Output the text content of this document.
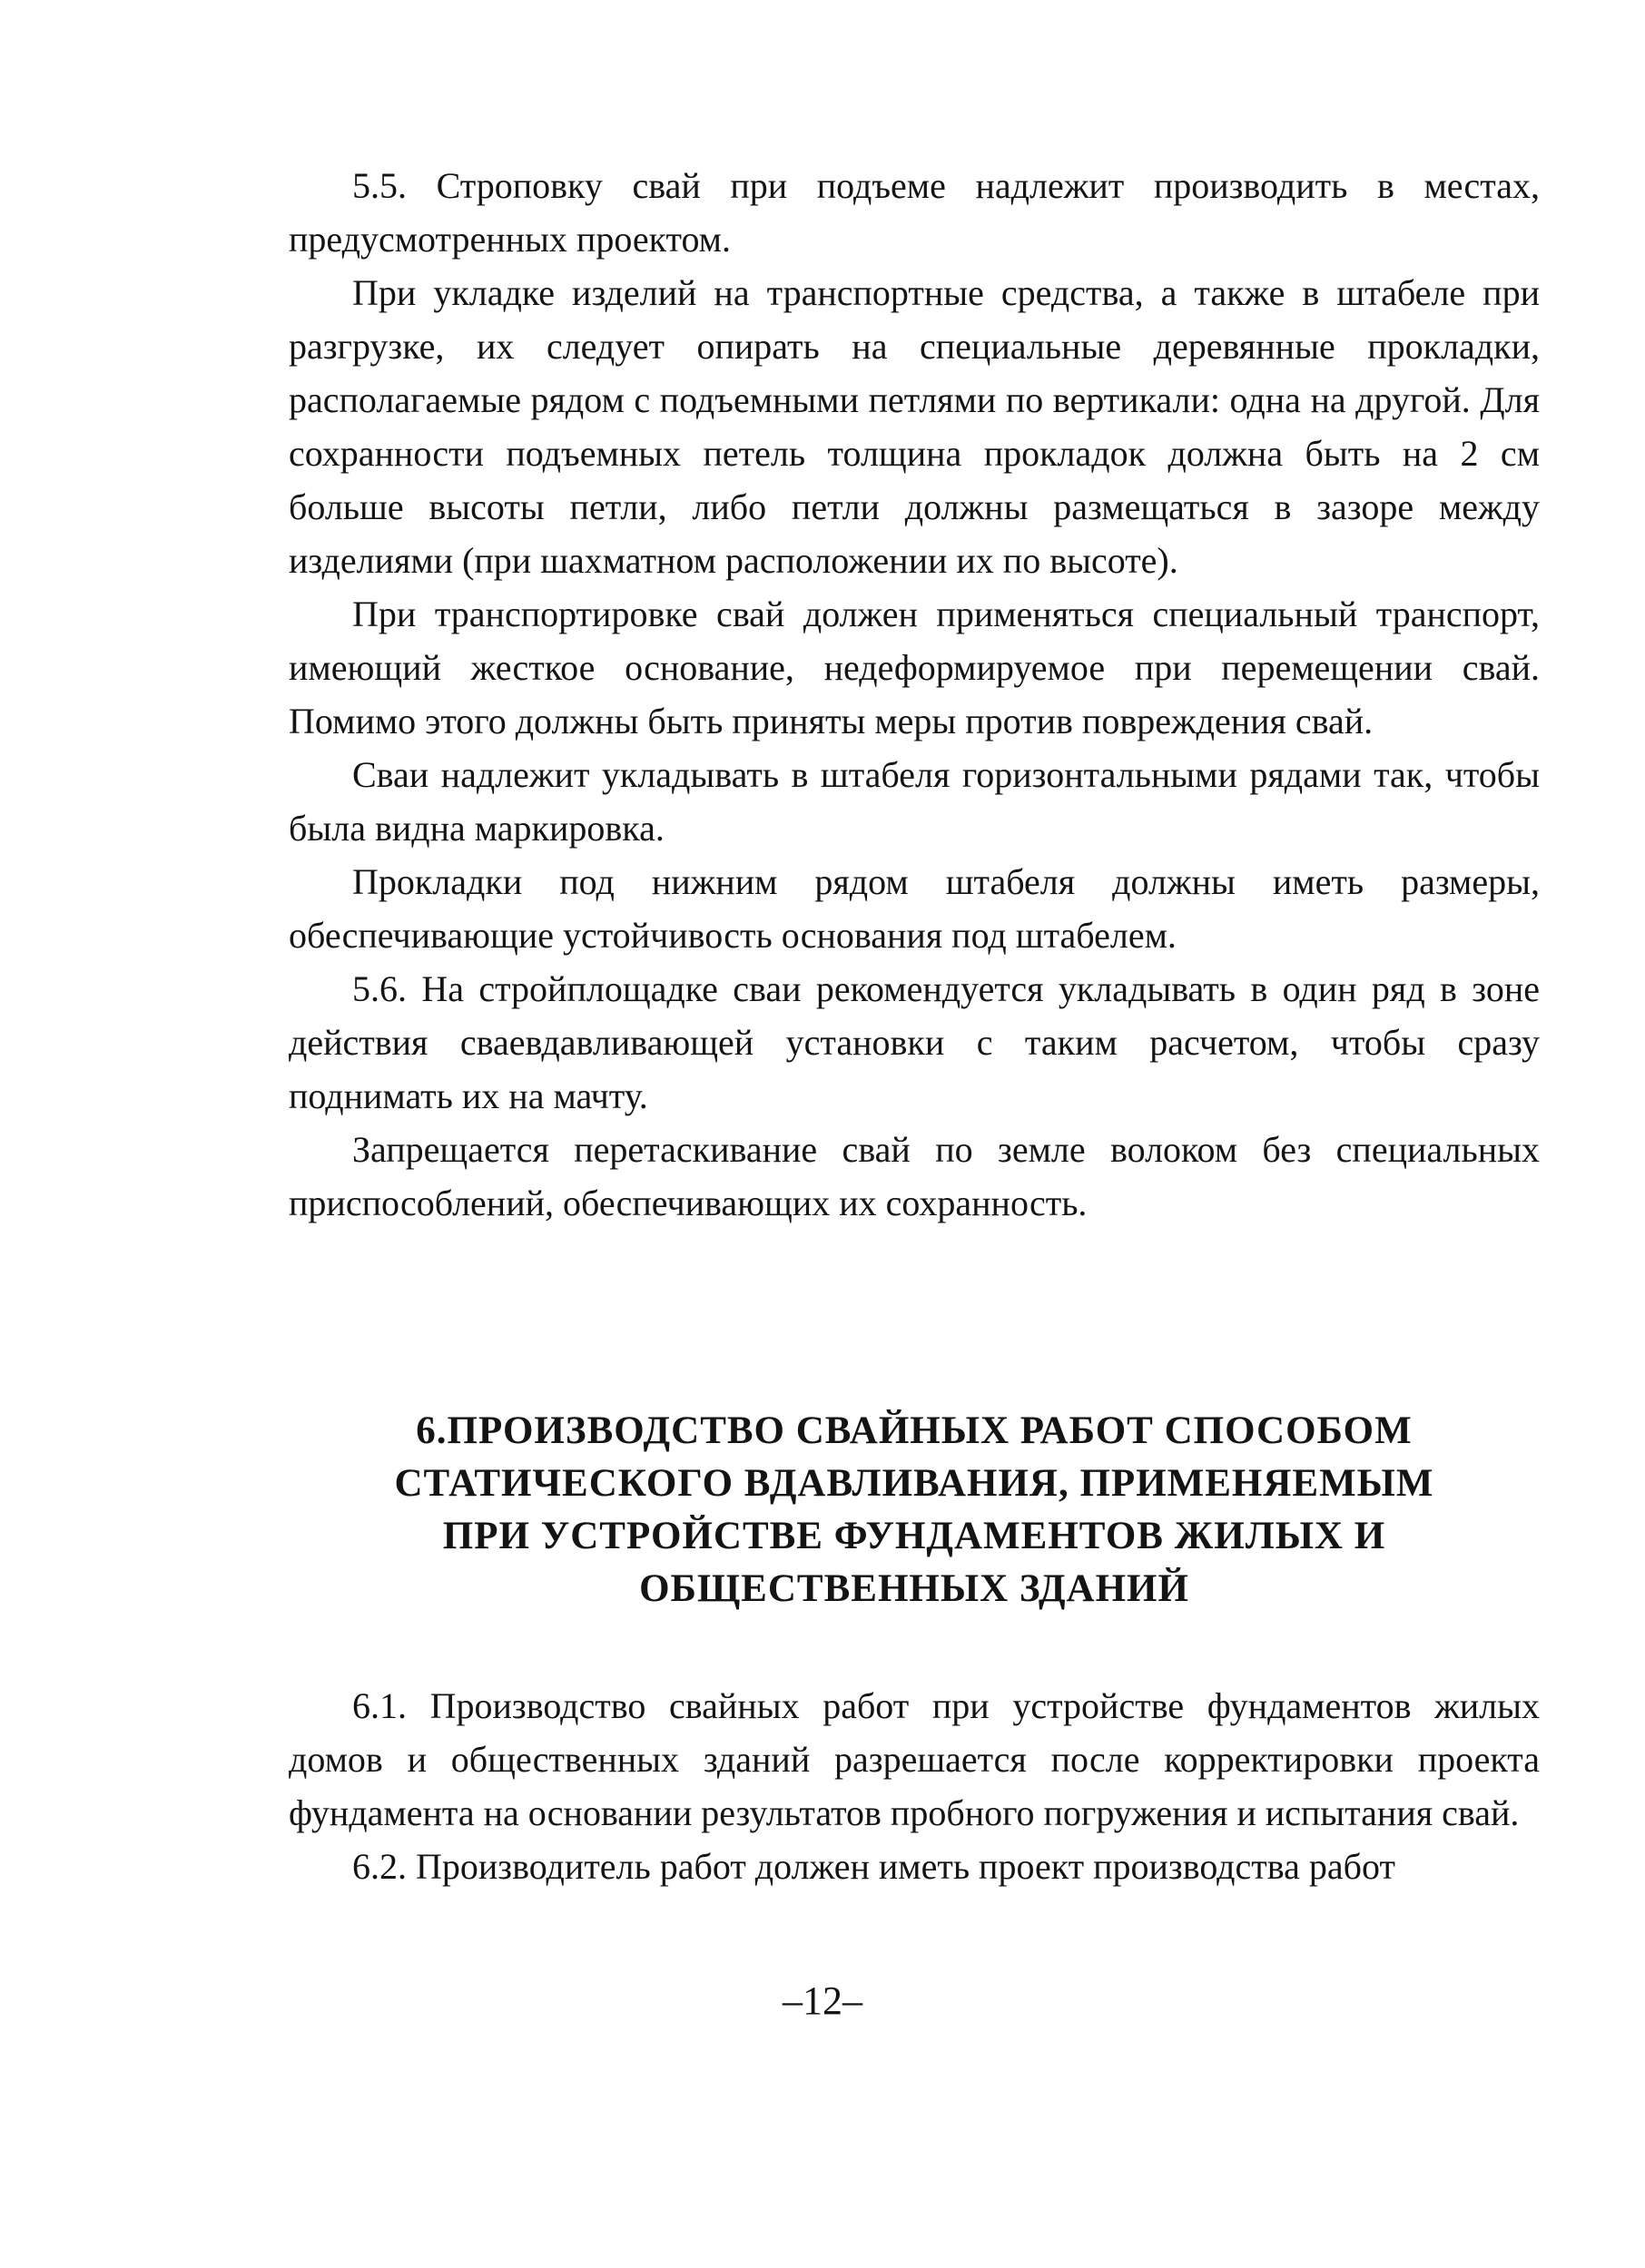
5.5. Строповку свай при подъеме надлежит производить в местах, предусмотренных проектом.

При укладке изделий на транспортные средства, а также в штабеле при разгрузке, их следует опирать на специальные деревянные прокладки, располагаемые рядом с подъемными петлями по вертикали: одна на другой. Для сохранности подъемных петель толщина прокладок должна быть на 2 см больше высоты петли, либо петли должны размещаться в зазоре между изделиями (при шахматном расположении их по высоте).

При транспортировке свай должен применяться специальный транспорт, имеющий жесткое основание, недеформируемое при перемещении свай. Помимо этого должны быть приняты меры против повреждения свай.

Сваи надлежит укладывать в штабеля горизонтальными рядами так, чтобы была видна маркировка.

Прокладки под нижним рядом штабеля должны иметь размеры, обеспечивающие устойчивость основания под штабелем.

5.6. На стройплощадке сваи рекомендуется укладывать в один ряд в зоне действия сваевдавливающей установки с таким расчетом, чтобы сразу поднимать их на мачту.

Запрещается перетаскивание свай по земле волоком без специальных приспособлений, обеспечивающих их сохранность.

6.ПРОИЗВОДСТВО СВАЙНЫХ РАБОТ СПОСОБОМ
СТАТИЧЕСКОГО ВДАВЛИВАНИЯ, ПРИМЕНЯЕМЫМ
ПРИ УСТРОЙСТВЕ ФУНДАМЕНТОВ ЖИЛЫХ И
ОБЩЕСТВЕННЫХ ЗДАНИЙ

6.1. Производство свайных работ при устройстве фундаментов жилых домов и общественных зданий разрешается после корректировки проекта фундамента на основании результатов пробного погружения и испытания свай.

6.2. Производитель работ должен иметь проект производства работ

–12–
